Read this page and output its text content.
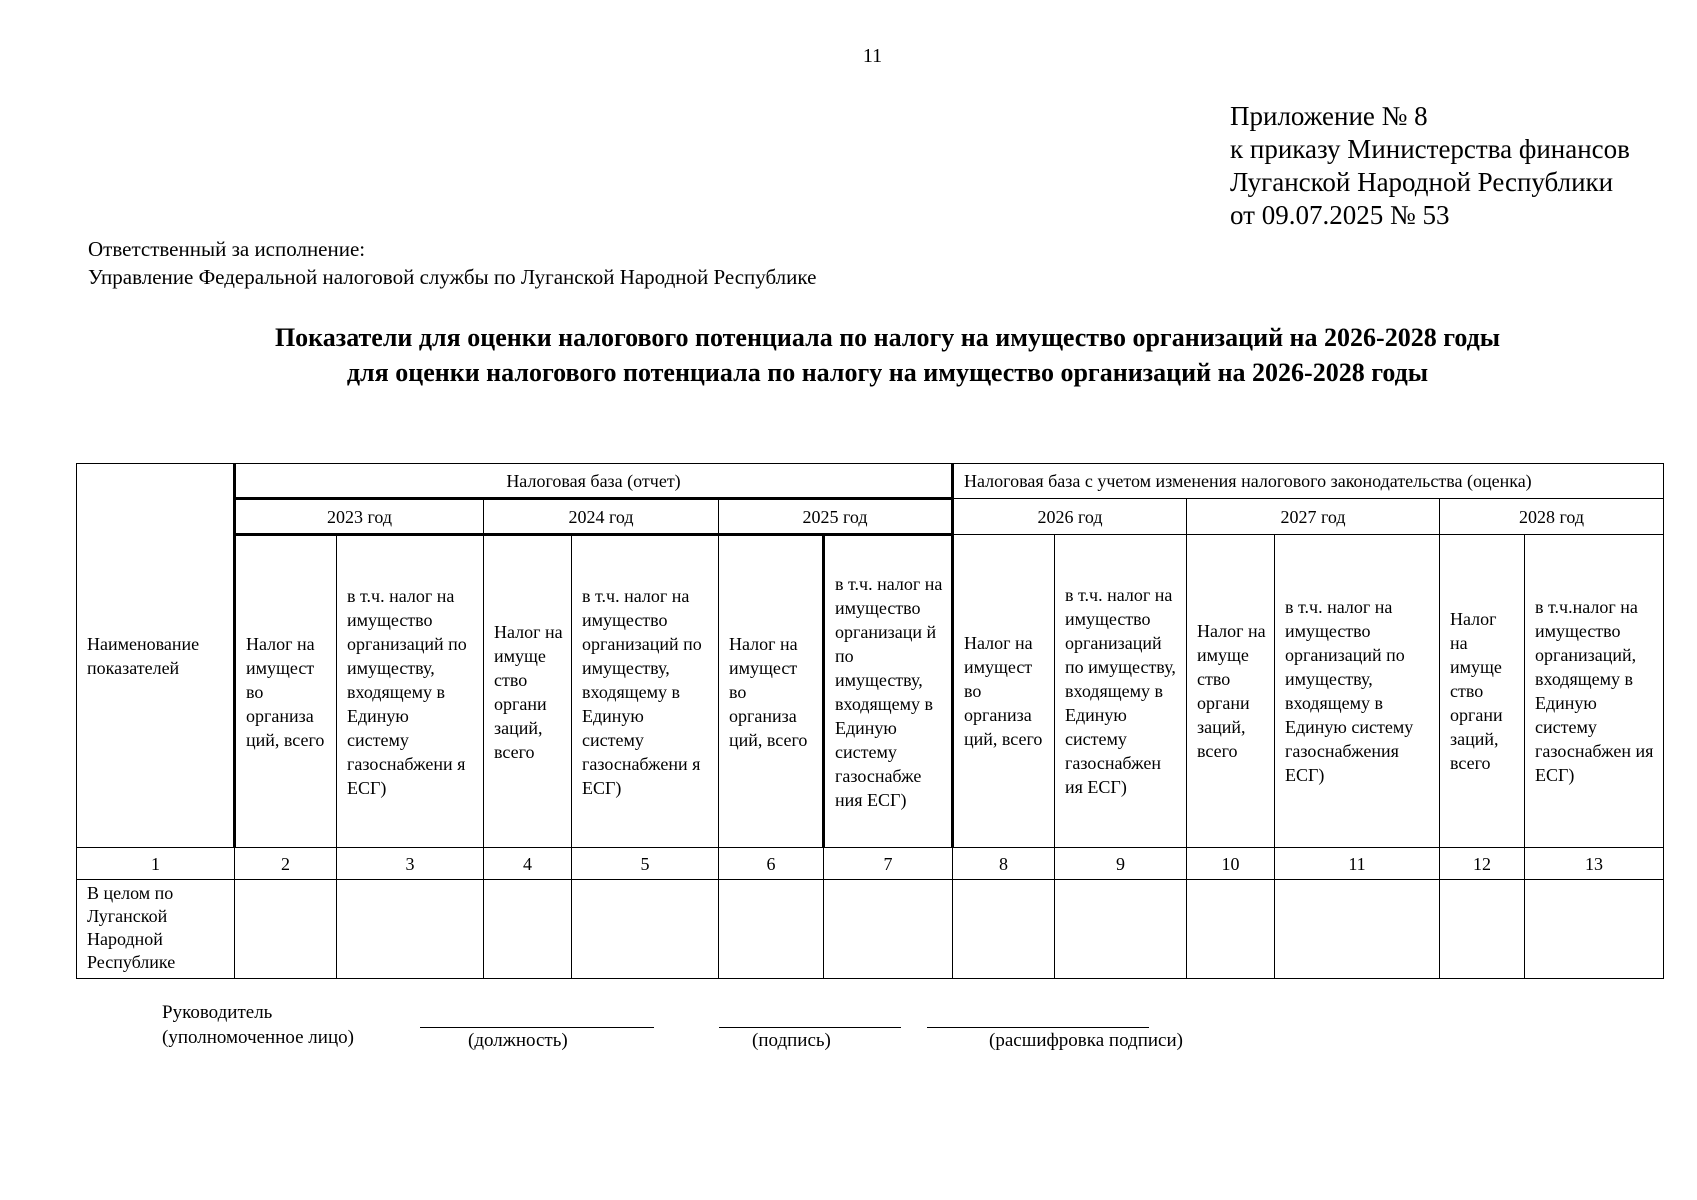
11
Приложение № 8
к приказу Министерства финансов
Луганской Народной Республики
от 09.07.2025 № 53
Ответственный за исполнение:
Управление Федеральной налоговой службы по Луганской Народной Республике
Показатели для оценки налогового потенциала по налогу на имущество организаций на 2026-2028 годы
для оценки налогового потенциала по налогу на имущество организаций на 2026-2028 годы
Наименование показателей	Налоговая база (отчет)						Налоговая база с учетом изменения налогового законодательства (оценка)					
	2023 год		2024 год		2025 год		2026 год		2027 год		2028 год	
	Налог на имущест во организа ций, всего	в т.ч. налог на имущество организаций по имуществу, входящему в Единую систему газоснабжени я ЕСГ)	Налог на имуще ство органи заций, всего	в т.ч. налог на имущество организаций по имуществу, входящему в Единую систему газоснабжени я ЕСГ)	Налог на имущест во организа ций, всего	в т.ч. налог на имущество организаци й по имуществу, входящему в Единую систему газоснабже ния ЕСГ)	Налог на имущест во организа ций, всего	в т.ч. налог на имущество организаций по имуществу, входящему в Единую систему газоснабжен ия ЕСГ)	Налог на имуще ство органи заций, всего	в т.ч. налог на имущество организаций по имуществу, входящему в Единую систему газоснабжения ЕСГ)	Налог на имуще ство органи заций, всего	в т.ч.налог на имущество организаций, входящему в Единую систему газоснабжен ия ЕСГ)
1	2	3	4	5	6	7	8	9	10	11	12	13
В целом по Луганской Народной Республике												
Руководитель
(уполномоченное лицо)	(должность)	(подпись)	(расшифровка подписи)
